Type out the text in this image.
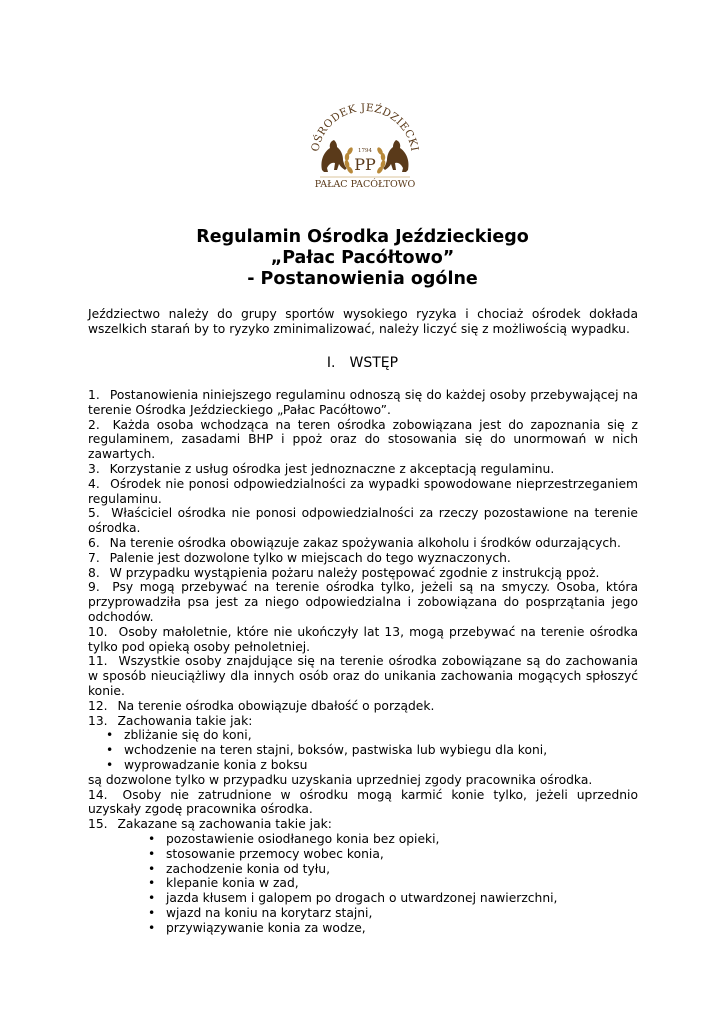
OŚRODEK JEŹDZIECKI
1794
PP
PAŁAC PACÓŁTOWO
Regulamin Ośrodka Jeździeckiego
„Pałac Pacółtowo”
- Postanowienia ogólne
Jeździectwo należy do grupy sportów wysokiego ryzyka i chociaż ośrodek dokłada wszelkich starań by to ryzyko zminimalizować, należy liczyć się z możliwością wypadku.
I. WSTĘP
1. Postanowienia niniejszego regulaminu odnoszą się do każdej osoby przebywającej na terenie Ośrodka Jeździeckiego „Pałac Pacółtowo”.
2. Każda osoba wchodząca na teren ośrodka zobowiązana jest do zapoznania się z regulaminem, zasadami BHP i ppoż oraz do stosowania się do unormowań w nich zawartych.
3. Korzystanie z usług ośrodka jest jednoznaczne z akceptacją regulaminu.
4. Ośrodek nie ponosi odpowiedzialności za wypadki spowodowane nieprzestrzeganiem regulaminu.
5. Właściciel ośrodka nie ponosi odpowiedzialności za rzeczy pozostawione na terenie ośrodka.
6. Na terenie ośrodka obowiązuje zakaz spożywania alkoholu i środków odurzających.
7. Palenie jest dozwolone tylko w miejscach do tego wyznaczonych.
8. W przypadku wystąpienia pożaru należy postępować zgodnie z instrukcją ppoż.
9. Psy mogą przebywać na terenie ośrodka tylko, jeżeli są na smyczy. Osoba, która przyprowadziła psa jest za niego odpowiedzialna i zobowiązana do posprzątania jego odchodów.
10. Osoby małoletnie, które nie ukończyły lat 13, mogą przebywać na terenie ośrodka tylko pod opieką osoby pełnoletniej.
11. Wszystkie osoby znajdujące się na terenie ośrodka zobowiązane są do zachowania w sposób nieuciążliwy dla innych osób oraz do unikania zachowania mogących spłoszyć konie.
12. Na terenie ośrodka obowiązuje dbałość o porządek.
13. Zachowania takie jak:
• zbliżanie się do koni,
• wchodzenie na teren stajni, boksów, pastwiska lub wybiegu dla koni,
• wyprowadzanie konia z boksu
są dozwolone tylko w przypadku uzyskania uprzedniej zgody pracownika ośrodka.
14. Osoby nie zatrudnione w ośrodku mogą karmić konie tylko, jeżeli uprzednio uzyskały zgodę pracownika ośrodka.
15. Zakazane są zachowania takie jak:
• pozostawienie osiodłanego konia bez opieki,
• stosowanie przemocy wobec konia,
• zachodzenie konia od tyłu,
• klepanie konia w zad,
• jazda kłusem i galopem po drogach o utwardzonej nawierzchni,
• wjazd na koniu na korytarz stajni,
• przywiązywanie konia za wodze,
